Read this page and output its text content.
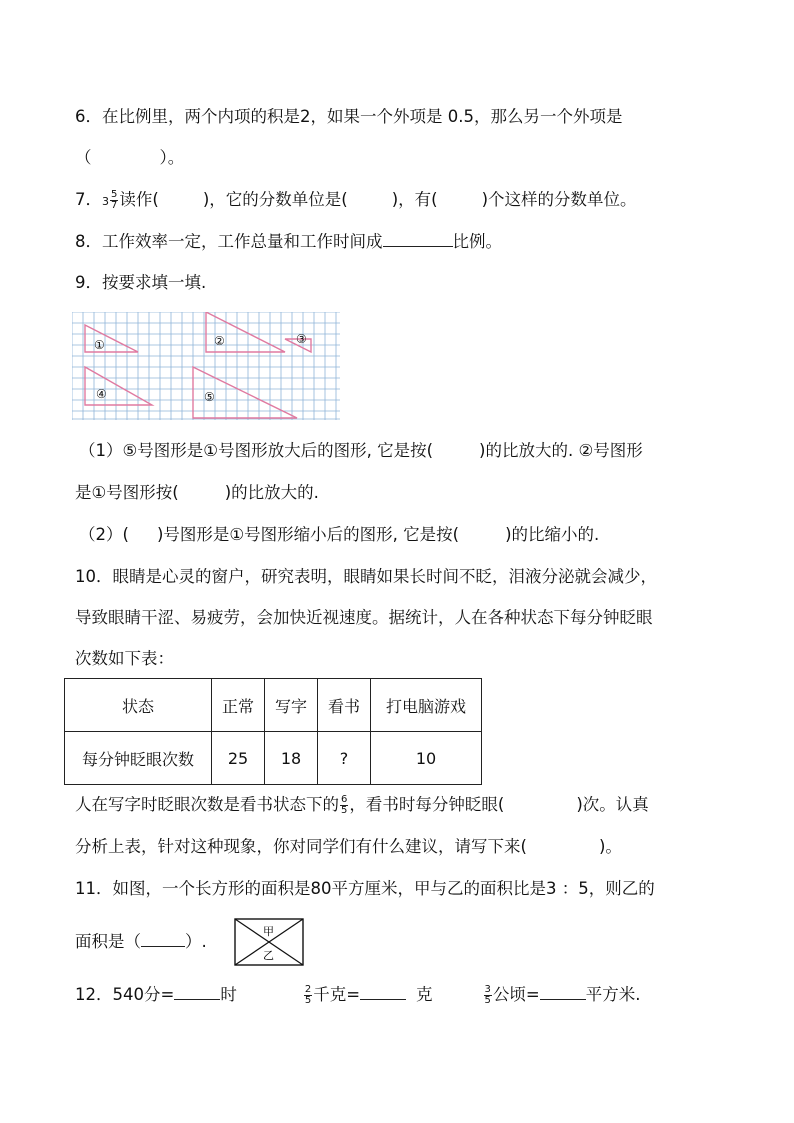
6．在比例里，两个内项的积是2，如果一个外项是 0.5，那么另一个外项是
（	）。
7．$3 \frac{5}{7}$ 读作(	)，它的分数单位是(	)，有(	)个这样的分数单位。
8．工作效率一定，工作总量和工作时间成	比例。
9．按要求填一填.
①	②	③
④	⑤
（1）⑤号图形是①号图形放大后的图形, 它是按(	)的比放大的. ②号图形
是①号图形按(	)的比放大的.
（2）( )号图形是①号图形缩小后的图形, 它是按(	)的比缩小的.
10．眼睛是心灵的窗户，研究表明，眼睛如果长时间不眨，泪液分泌就会减少，
导致眼睛干涩、易疲劳，会加快近视速度。据统计，人在各种状态下每分钟眨眼
次数如下表：
状态	正常	写字	看书	打电脑游戏
每分钟眨眼次数	25	18	?	10
人在写字时眨眼次数是看书状态下的 $\frac{6}{5}$ ，看书时每分钟眨眼(	)次。认真
分析上表，针对这种现象，你对同学们有什么建议，请写下来(	)。
11．如图，一个长方形的面积是80平方厘米，甲与乙的面积比是3 ：5，则乙的
面积是（	）.
甲
乙
12．540分=	时	$\frac{2}{5}$ 千克=	克	$\frac{3}{5}$ 公顷=	平方米.
